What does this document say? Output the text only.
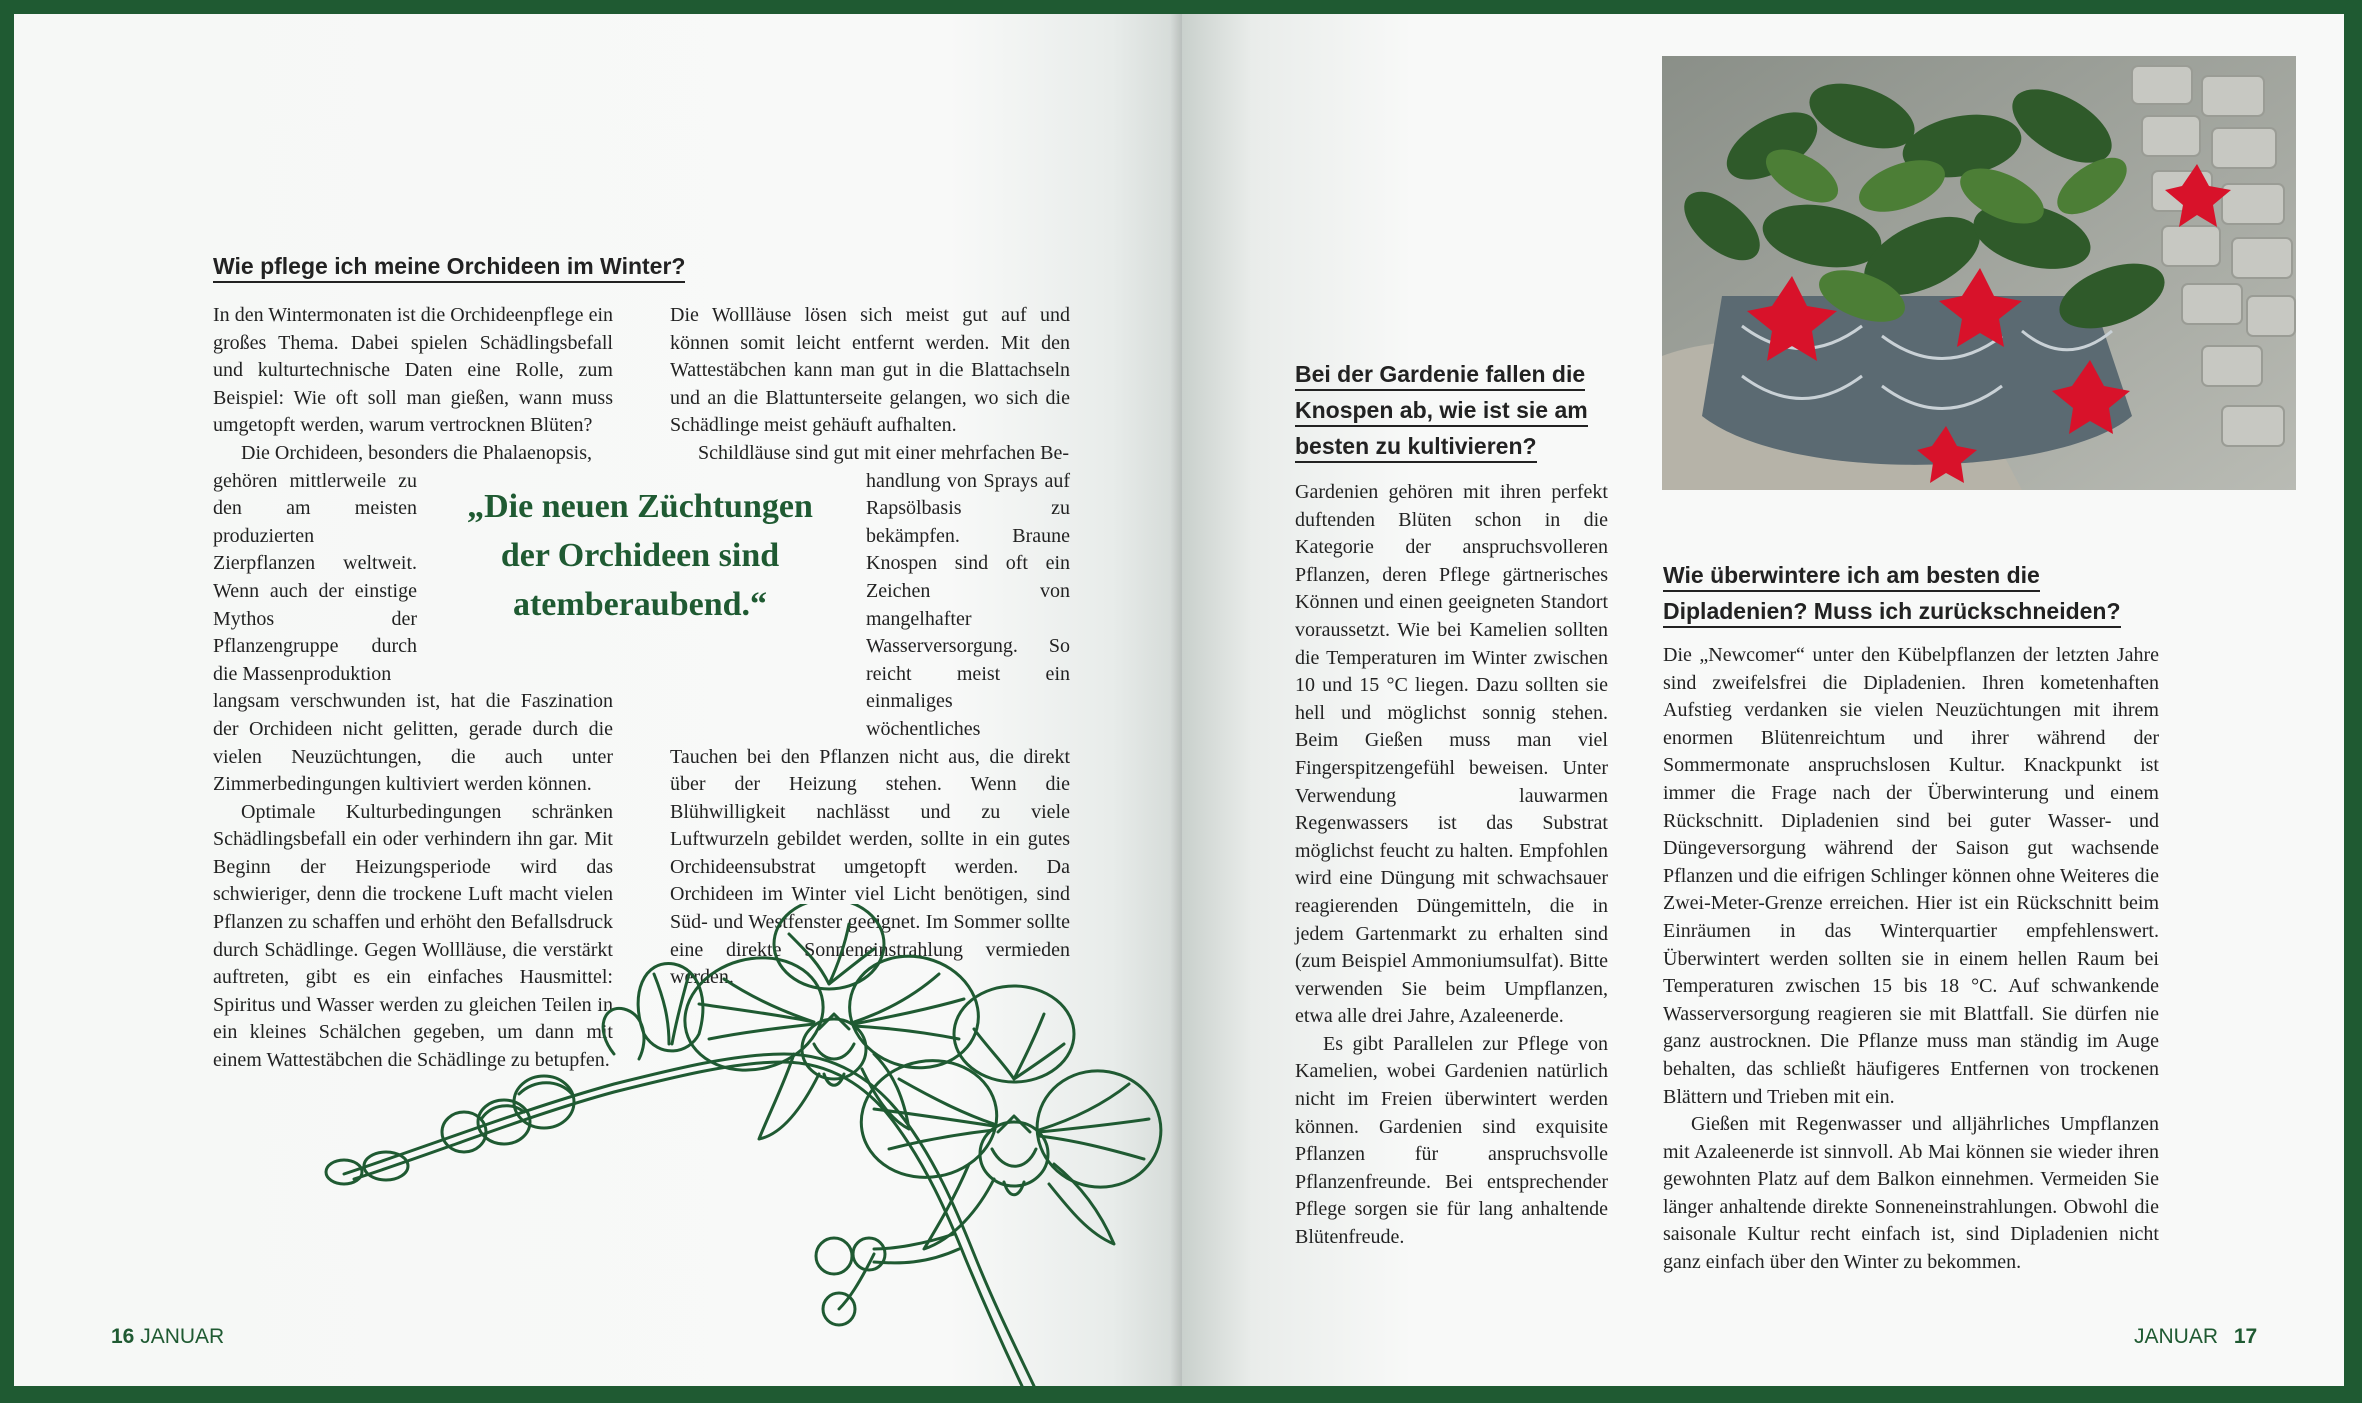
Wie pflege ich meine Orchideen im Winter?

In den Wintermonaten ist die Orchideenpflege ein großes Thema. Dabei spielen Schädlingsbefall und kulturtechnische Daten eine Rolle, zum Beispiel: Wie oft soll man gießen, wann muss umgetopft werden, warum vertrocknen Blüten?

Die Orchideen, besonders die Phalaenopsis,

gehören mittlerweile zu den am meisten produzierten Zierpflanzen weltweit. Wenn auch der einstige Mythos der Pflanzengruppe durch die Massenproduktion

langsam verschwunden ist, hat die Faszination der Orchideen nicht gelitten, gerade durch die vielen Neuzüchtungen, die auch unter Zimmerbedingungen kultiviert werden können.

Optimale Kulturbedingungen schränken Schädlingsbefall ein oder verhindern ihn gar. Mit Beginn der Heizungsperiode wird das schwieriger, denn die trockene Luft macht vielen Pflanzen zu schaffen und erhöht den Befallsdruck durch Schädlinge. Gegen Wollläuse, die verstärkt auftreten, gibt es ein einfaches Hausmittel: Spiritus und Wasser werden zu gleichen Teilen in ein kleines Schälchen gegeben, um dann mit einem Wattestäbchen die Schädlinge zu betupfen.

„Die neuen Züchtungen der Orchideen sind atemberaubend.“

Die Wollläuse lösen sich meist gut auf und können somit leicht entfernt werden. Mit den Wattestäbchen kann man gut in die Blattachseln und an die Blattunterseite gelangen, wo sich die Schädlinge meist gehäuft aufhalten.

Schildläuse sind gut mit einer mehrfachen Be-

handlung von Sprays auf Rapsölbasis zu bekämpfen. Braune Knospen sind oft ein Zeichen von mangelhafter Wasserversorgung. So reicht meist ein einmaliges wöchentliches

Tauchen bei den Pflanzen nicht aus, die direkt über der Heizung stehen. Wenn die Blühwilligkeit nachlässt und zu viele Luftwurzeln gebildet werden, sollte in ein gutes Orchideensubstrat umgetopft werden. Da Orchideen im Winter viel Licht benötigen, sind Süd- und Westfenster geeignet. Im Sommer sollte eine direkte Sonneneinstrahlung vermieden werden.

16 JANUAR
Bei der Gardenie fallen die Knospen ab, wie ist sie am besten zu kultivieren?

Gardenien gehören mit ihren perfekt duftenden Blüten schon in die Kategorie der anspruchsvolleren Pflanzen, deren Pflege gärtnerisches Können und einen geeigneten Standort voraussetzt. Wie bei Kamelien sollten die Temperaturen im Winter zwischen 10 und 15 °C liegen. Dazu sollten sie hell und möglichst sonnig stehen. Beim Gießen muss man viel Fingerspitzengefühl beweisen. Unter Verwendung lauwarmen Regenwassers ist das Substrat möglichst feucht zu halten. Empfohlen wird eine Düngung mit schwachsauer reagierenden Düngemitteln, die in jedem Gartenmarkt zu erhalten sind (zum Beispiel Ammoniumsulfat). Bitte verwenden Sie beim Umpflanzen, etwa alle drei Jahre, Azaleenerde.

Es gibt Parallelen zur Pflege von Kamelien, wobei Gardenien natürlich nicht im Freien überwintert werden können. Gardenien sind exquisite Pflanzen für anspruchsvolle Pflanzenfreunde. Bei entsprechender Pflege sorgen sie für lang anhaltende Blütenfreude.

Wie überwintere ich am besten die Dipladenien? Muss ich zurückschneiden?

Die „Newcomer“ unter den Kübelpflanzen der letzten Jahre sind zweifelsfrei die Dipladenien. Ihren kometenhaften Aufstieg verdanken sie vielen Neuzüchtungen mit ihrem enormen Blütenreichtum und ihrer während der Sommermonate anspruchslosen Kultur. Knackpunkt ist immer die Frage nach der Überwinterung und einem Rückschnitt. Dipladenien sind bei guter Wasser- und Düngeversorgung während der Saison gut wachsende Pflanzen und die eifrigen Schlinger können ohne Weiteres die Zwei-Meter-Grenze erreichen. Hier ist ein Rückschnitt beim Einräumen in das Winterquartier empfehlenswert. Überwintert werden sollten sie in einem hellen Raum bei Temperaturen zwischen 15 bis 18 °C. Auf schwankende Wasserversorgung reagieren sie mit Blattfall. Sie dürfen nie ganz austrocknen. Die Pflanze muss man ständig im Auge behalten, das schließt häufigeres Entfernen von trockenen Blättern und Trieben mit ein.

Gießen mit Regenwasser und alljährliches Umpflanzen mit Azaleenerde ist sinnvoll. Ab Mai können sie wieder ihren gewohnten Platz auf dem Balkon einnehmen. Vermeiden Sie länger anhaltende direkte Sonneneinstrahlungen. Obwohl die saisonale Kultur recht einfach ist, sind Dipladenien nicht ganz einfach über den Winter zu bekommen.

JANUAR 17
